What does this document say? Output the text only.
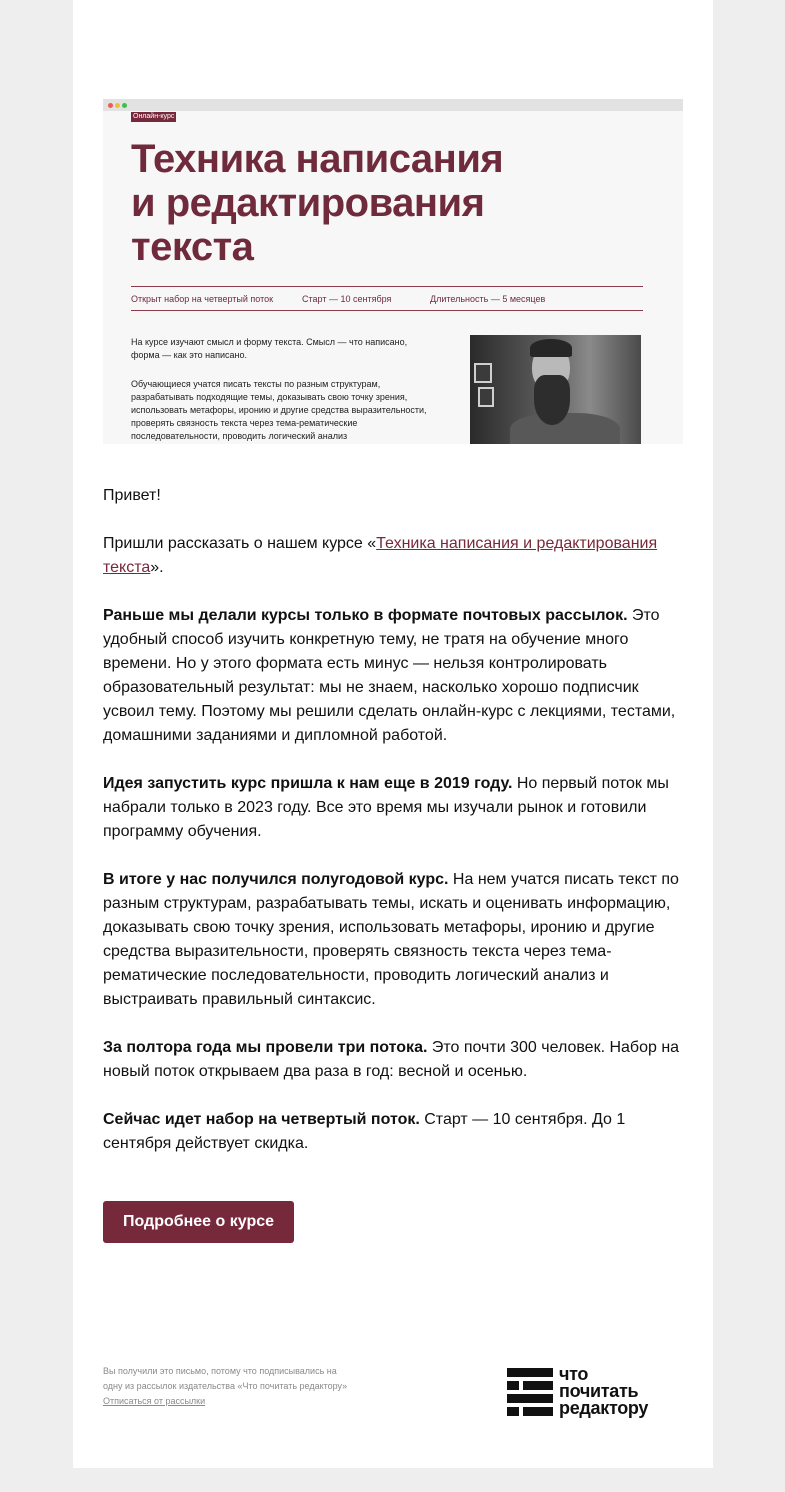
Онлайн-курс
Техника написания
и редактирования
текста
Открыт набор на четвертый поток	Старт — 10 сентября	Длительность — 5 месяцев
На курсе изучают смысл и форму текста. Смысл — что написано, форма — как это написано.
Обучающиеся учатся писать тексты по разным структурам, разрабатывать подходящие темы, доказывать свою точку зрения, использовать метафоры, иронию и другие средства выразительности, проверять связность текста через тема-рематические последовательности, проводить логический анализ
Привет!
Пришли рассказать о нашем курсе «Техника написания и редактирования текста».
Раньше мы делали курсы только в формате почтовых рассылок. Это удобный способ изучить конкретную тему, не тратя на обучение много времени. Но у этого формата есть минус — нельзя контролировать образовательный результат: мы не знаем, насколько хорошо подписчик усвоил тему. Поэтому мы решили сделать онлайн-курс с лекциями, тестами, домашними заданиями и дипломной работой.
Идея запустить курс пришла к нам еще в 2019 году. Но первый поток мы набрали только в 2023 году. Все это время мы изучали рынок и готовили программу обучения.
В итоге у нас получился полугодовой курс. На нем учатся писать текст по разным структурам, разрабатывать темы, искать и оценивать информацию, доказывать свою точку зрения, использовать метафоры, иронию и другие средства выразительности, проверять связность текста через тема-рематические последовательности, проводить логический анализ и выстраивать правильный синтаксис.
За полтора года мы провели три потока. Это почти 300 человек. Набор на новый поток открываем два раза в год: весной и осенью.
Сейчас идет набор на четвертый поток. Старт — 10 сентября. До 1 сентября действует скидка.
Подробнее о курсе
Вы получили это письмо, потому что подписывались на
одну из рассылок издательства «Что почитать редактору»
Отписаться от рассылки
что
почитать
редактору
